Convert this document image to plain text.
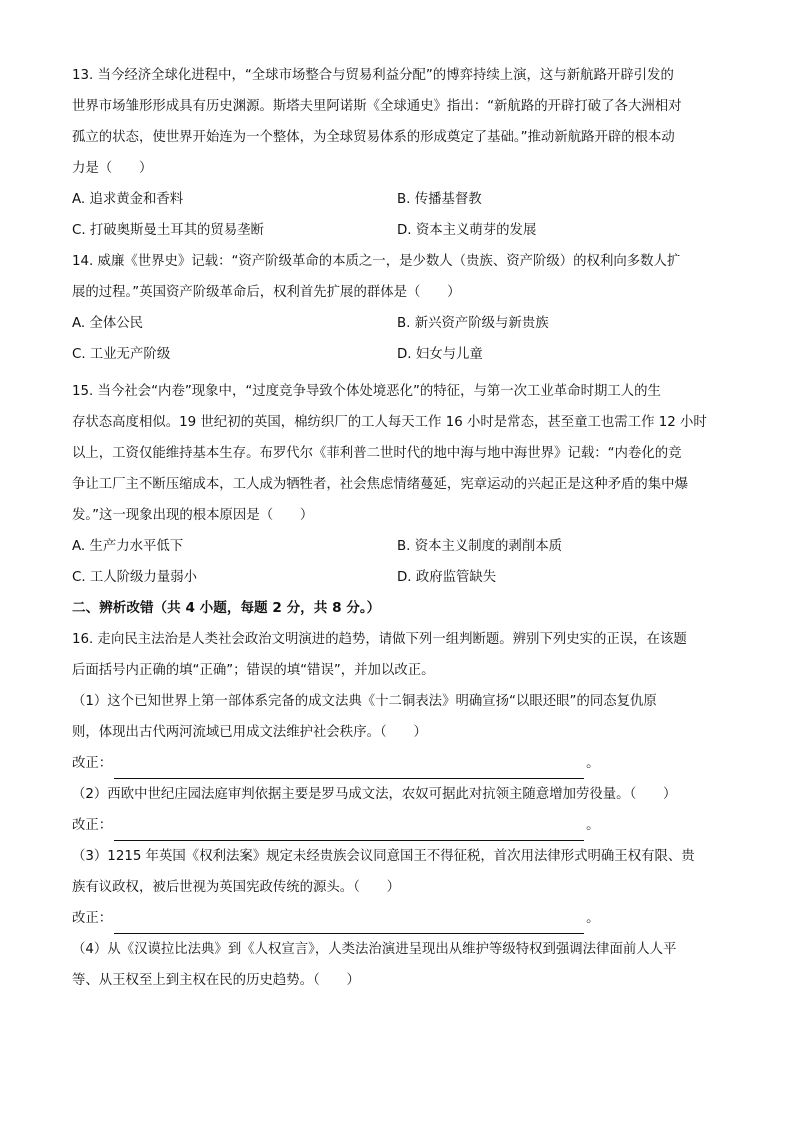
13. 当今经济全球化进程中，“全球市场整合与贸易利益分配”的博弈持续上演，这与新航路开辟引发的

世界市场雏形形成具有历史渊源。斯塔夫里阿诺斯《全球通史》指出：“新航路的开辟打破了各大洲相对

孤立的状态，使世界开始连为一个整体，为全球贸易体系的形成奠定了基础。”推动新航路开辟的根本动

力是（　　）

A. 追求黄金和香料	B. 传播基督教
C. 打破奥斯曼土耳其的贸易垄断	D. 资本主义萌芽的发展

14. 威廉《世界史》记载：“资产阶级革命的本质之一，是少数人（贵族、资产阶级）的权利向多数人扩

展的过程。”英国资产阶级革命后，权利首先扩展的群体是（　　）

A. 全体公民	B. 新兴资产阶级与新贵族
C. 工业无产阶级	D. 妇女与儿童

15. 当今社会“内卷”现象中，“过度竞争导致个体处境恶化”的特征，与第一次工业革命时期工人的生

存状态高度相似。19 世纪初的英国，棉纺织厂的工人每天工作 16 小时是常态，甚至童工也需工作 12 小时

以上，工资仅能维持基本生存。布罗代尔《菲利普二世时代的地中海与地中海世界》记载：“内卷化的竞

争让工厂主不断压缩成本，工人成为牺牲者，社会焦虑情绪蔓延，宪章运动的兴起正是这种矛盾的集中爆

发。”这一现象出现的根本原因是（　　）

A. 生产力水平低下	B. 资本主义制度的剥削本质
C. 工人阶级力量弱小	D. 政府监管缺失

二、辨析改错（共 4 小题，每题 2 分，共 8 分。）

16. 走向民主法治是人类社会政治文明演进的趋势，请做下列一组判断题。辨别下列史实的正误，在该题

后面括号内正确的填“正确”；错误的填“错误”，并加以改正。

（1）这个已知世界上第一部体系完备的成文法典《十二铜表法》明确宣扬“以眼还眼”的同态复仇原

则，体现出古代两河流域已用成文法维护社会秩序。（　　）

改正：	。

（2）西欧中世纪庄园法庭审判依据主要是罗马成文法，农奴可据此对抗领主随意增加劳役量。（　　）

改正：	。

（3）1215 年英国《权利法案》规定未经贵族会议同意国王不得征税，首次用法律形式明确王权有限、贵

族有议政权，被后世视为英国宪政传统的源头。（　　）

改正：	。

（4）从《汉谟拉比法典》到《人权宣言》，人类法治演进呈现出从维护等级特权到强调法律面前人人平

等、从王权至上到主权在民的历史趋势。（　　）
